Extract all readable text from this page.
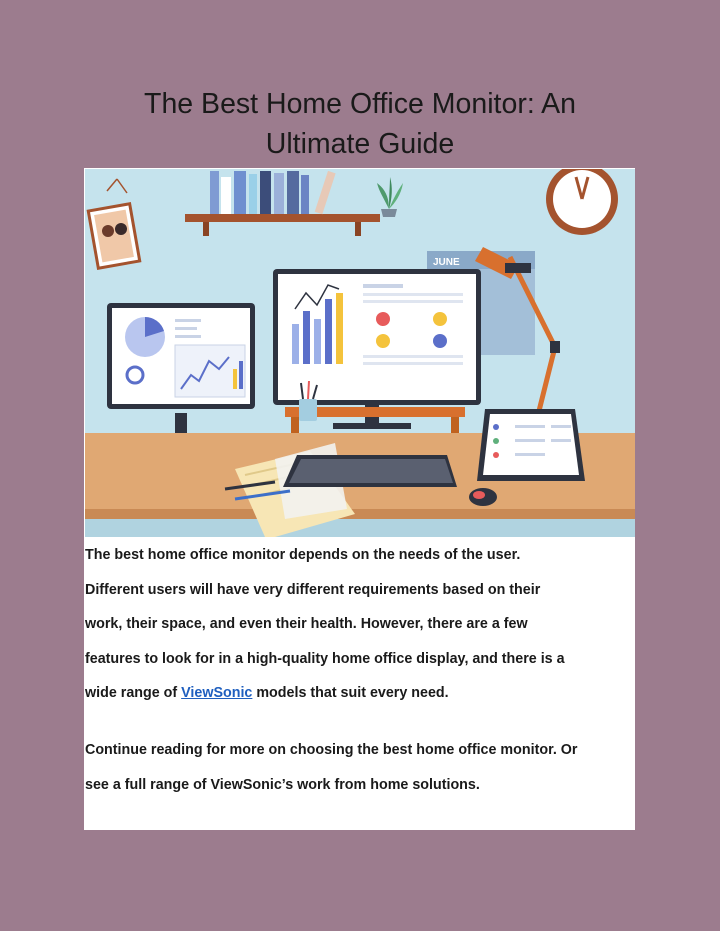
The Best Home Office Monitor: An
Ultimate Guide
JUNE
The best home office monitor depends on the needs of the user.
Different users will have very different requirements based on their
work, their space, and even their health. However, there are a few
features to look for in a high-quality home office display, and there is a
wide range of ViewSonic models that suit every need.
Continue reading for more on choosing the best home office monitor. Or
see a full range of ViewSonic’s work from home solutions.
